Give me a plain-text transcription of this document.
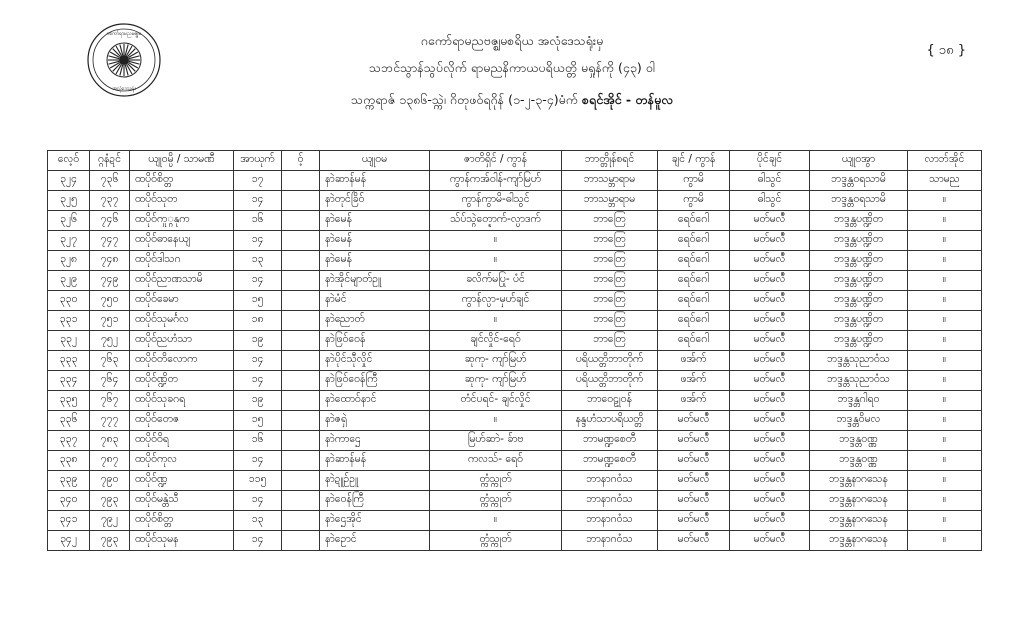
ဂကော်ရာမညမဇ္ဈမ
အလုံဒေသရုံး
ဂကော်ရာမညဗဇ္ဈမစရိယ အလုံဒေသရုံးမှ
သဘင်သွာန်သွပ်လိုက် ရာမညနိကာယပရိယတ္တိ မရှုန်ကို (၄၃) ဝါ
သက္ကရာဇ် ၁၃၈၆-သ္ကဲ၊ ဂိတုဖဝ်ရဂိုန် (၁-၂-၃-၄)မံက် စရင်အိုင် - တန်မူလ
{ ၁၈ }
လေ့ဝ်	ဂ္ဂနံဍင်	ယျုဝမ္ပိ / သာမဏီ	အာယုက်	ဝ့်	ယျုဝမ	ဇာတိရှိင် / ကွာန်	ဘာတ္တိုန်စရင်	ချင် / ကွာန်	ပိုင်ချင်	ယျုဝအွာ	လာဘ်အိုင်
၃၂၄	၇၃၆	ထပိုဝ်စိတ္တ	၁၇		နာဲဆာန်မန်	ကွာန်ကအ်ဝါန်-ကျာ်မြဟ်	ဘာသမ္ဘာရာမ	ကွာမိ	ဓါသွင်	ဘဒ္ဒန္တဝရသာမိ	သာမည
၃၂၅	၇၃၇	ထပိုဝ်သုတ	၁၄		နာဲတုင်ခြိဝ်	ကွာန်ကွာမိ-ဓါသွင်	ဘာသမ္ဘာရာမ	ကွာမိ	ဓါသွင်	ဘဒ္ဒန္တဝရသာမိ	။
၃၂၆	၇၄၆	ထပိုဝ်ကူ္ဂနုက	၁၆		နာဲမေန်	သ်ပ်သ္ဂဲတ္ဍောက်-လ္ပာဒက်	ဘာတြေ	ရေဝ်ဂေါ	မတ်မလဳ	ဘဒ္ဒန္တပဏ္ဍိတ	။
၃၂၇	၇၄၇	ထပိုဝ်ဓာနေယျ	၁၄		နာဲမေန်	။	ဘာတြေ	ရေဝ်ဂေါ	မတ်မလဳ	ဘဒ္ဒန္တပဏ္ဍိတ	။
၃၂၈	၇၄၈	ထပိုဝ်ဒါသဂ	၁၃		နာဲမေန်	။	ဘာတြေ	ရေဝ်ဂေါ	မတ်မလဳ	ဘဒ္ဒန္တပဏ္ဍိတ	။
၃၂၉	၇၄၉	ထပိုဝ်ညာဏသာမိ	၁၄		နာဲအိုင်မျာတ်ဥူ	ခလိက်မပြု- ပံင်	ဘာတြေ	ရေဝ်ဂေါ	မတ်မလဳ	ဘဒ္ဒန္တပဏ္ဍိတ	။
၃၃၀	၇၅၀	ထပိုဝ်ခေမာ	၁၅		နာဲမံင်	ကွာန်လ္ပာ-မှဟ်ချင်	ဘာတြေ	ရေဝ်ဂေါ	မတ်မလဳ	ဘဒ္ဒန္တပဏ္ဍိတ	။
၃၃၁	၇၅၁	ထပိုဝ်သုမင်္ဂလ	၁၈		နာဲညောတ်	။	ဘာတြေ	ရေဝ်ဂေါ	မတ်မလဳ	ဘဒ္ဒန္တပဏ္ဍိတ	။
၃၃၂	၇၅၂	ထပိုဝ်ညဟံသာ	၁၉		နာဲဖြဝ်ဝေန်	ချင်လှိုင်-ရေဝ်	ဘာတြေ	ရေဝ်ဂေါ	မတ်မလဳ	ဘဒ္ဒန္တပဏ္ဍိတ	။
၃၃၃	၇၆၃	ထပိုဝ်တိလောက	၁၄		နာဲပိုင်သီုလှိုင်	ဆုကု- ကျာ်မြဟ်	ပရိယတ္တိဘာတိုက်	ဖအ်က်	မတ်မလဳ	ဘဒ္ဒန္တသုညာဝံသ	။
၃၃၄	၇၆၄	ထပိုဝ်ဏ္ဍိတ	၁၄		နာဲဖြဝ်ဝေန်ကြီ	ဆုကု- ကျာ်မြဟ်	ပရိယတ္တိဘာတိုက်	ဖအ်က်	မတ်မလဳ	ဘဒ္ဒန္တသုညာဝံသ	။
၃၃၅	၇၆၇	ထပိုဝ်သုခဂရ	၁၉		နာဲထောဝ်နာင်	တံင်ပရင်- ချင်လှိုင်	ဘာဝေဠုဝန်	ဖအ်က်	မတ်မလဳ	ဘဒ္ဒန္တဂါရဝ	။
၃၃၆	၇၇၇	ထပိုဝ်တေဇ	၁၅		နာဲဇရှဲ	။	နန္ဒဟံသာပရိယတ္တိ	မတ်မလဳ	မတ်မလဳ	ဘဒ္ဒန္တဝိမလ	။
၃၃၇	၇၈၃	ထပိုဝ်ဝိရ	၁၆		နာဲကာဌေ	မြဟ်ဆာဲ- ခ်ာဗ	ဘာမဏ္ဍစေတီ	မတ်မလဳ	မတ်မလဳ	ဘဒ္ဒန္တဝဏ္ဏ	။
၃၃၈	၇၈၇	ထပိုဝ်ကုလ	၁၄		နာဲဆာန်မန်	ကလသ်- ရေဝ်	ဘာမဏ္ဍစေတီ	မတ်မလဳ	မတ်မလဳ	ဘဒ္ဒန္တဝဏ္ဏ	။
၃၃၉	၇၉၀	ထပိုဝ်ဏ္ဍ	၁၁၅		နာဲဍူဉ်ဥူ	တ္ကံသ္ကုတ်	ဘာနာဂဝံသ	မတ်မလဳ	မတ်မလဳ	ဘဒ္ဒန္တနာဂသေန	။
၃၄၀	၇၉၃	ထပိုဝ်မန္တဲသီ	၁၄		နာဲဝေန်ကြီ	တ္ကံသ္ကုတ်	ဘာနာဂဝံသ	မတ်မလဳ	မတ်မလဳ	ဘဒ္ဒန္တနာဂသေန	။
၃၄၁	၇၉၂	ထပိုဝ်စိတ္တ	၁၃		နာဲဌေအိုင်	။	ဘာနာဂဝံသ	မတ်မလဳ	မတ်မလဳ	ဘဒ္ဒန္တနာဂသေန	။
၃၄၂	၇၉၃	ထပိုဝ်သုမန	၁၄		နာဲဥောင်	တ္ကံသ္ကုတ်	ဘာနာဂဝံသ	မတ်မလဳ	မတ်မလဳ	ဘဒ္ဒန္တနာဂသေန	။
